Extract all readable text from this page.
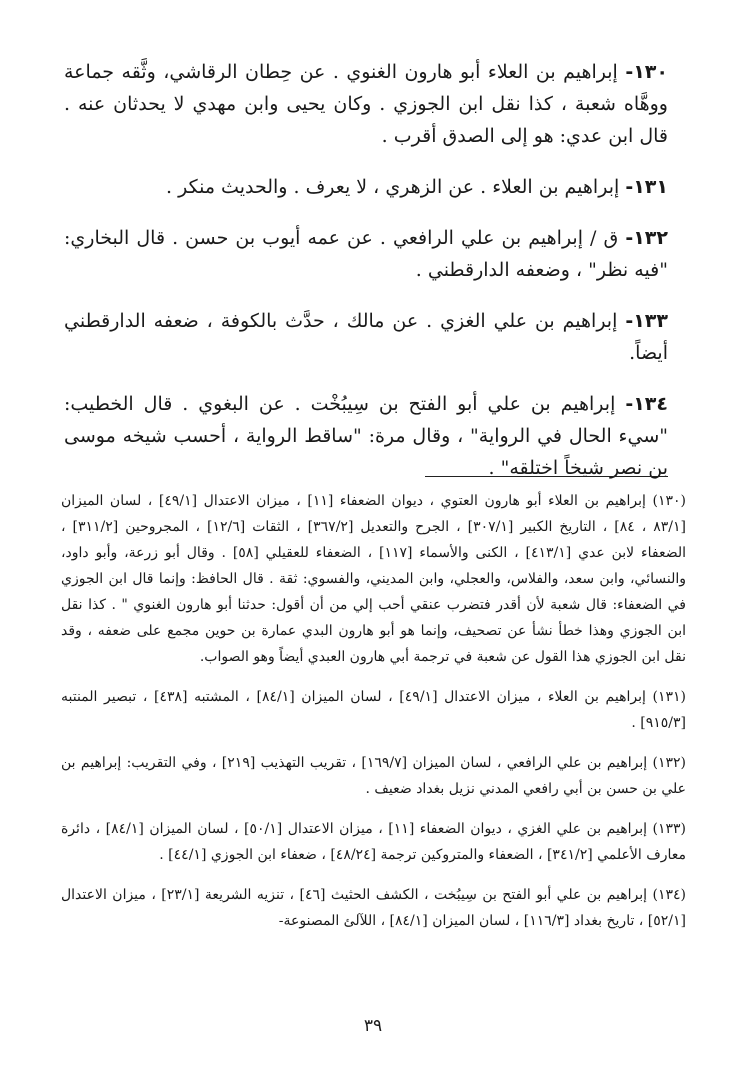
١٣٠- إبراهيم بن العلاء أبو هارون الغنوي . عن حِطان الرقاشي، وثَّقه جماعة ووهَّاه شعبة ، كذا نقل ابن الجوزي . وكان يحيى وابن مهدي لا يحدثان عنه . قال ابن عدي: هو إلى الصدق أقرب .

١٣١- إبراهيم بن العلاء . عن الزهري ، لا يعرف . والحديث منكر .

١٣٢- ق / إبراهيم بن علي الرافعي . عن عمه أيوب بن حسن . قال البخاري: "فيه نظر" ، وضعفه الدارقطني .

١٣٣- إبراهيم بن علي الغزي . عن مالك ، حدَّث بالكوفة ، ضعفه الدارقطني أيضاً.

١٣٤- إبراهيم بن علي أبو الفتح بن سِيبُخْت . عن البغوي . قال الخطيب: "سيء الحال في الرواية" ، وقال مرة: "ساقط الرواية ، أحسب شيخه موسى بن نصر شيخاً اختلقه" .

(١٣٠) إبراهيم بن العلاء أبو هارون العتوي ، ديوان الضعفاء [١١] ، ميزان الاعتدال [٤٩/١] ، لسان الميزان [٨٣/١ ، ٨٤] ، التاريخ الكبير [٣٠٧/١] ، الجرح والتعديل [٣٦٧/٢] ، الثقات [١٢/٦] ، المجروحين [٣١١/٢] ، الضعفاء لابن عدي [٤١٣/١] ، الكنى والأسماء [١١٧] ، الضعفاء للعقيلي [٥٨] . وقال أبو زرعة، وأبو داود، والنسائي، وابن سعد، والفلاس، والعجلي، وابن المديني، والفسوي: ثقة . قال الحافظ: وإنما قال ابن الجوزي في الضعفاء: قال شعبة لأن أقدر فتضرب عنقي أحب إلي من أن أقول: حدثنا أبو هارون الغنوي " . كذا نقل ابن الجوزي وهذا خطأ نشأ عن تصحيف، وإنما هو أبو هارون البدي عمارة بن حوين مجمع على ضعفه ، وقد نقل ابن الجوزي هذا القول عن شعبة في ترجمة أبي هارون العبدي أيضاً وهو الصواب.

(١٣١) إبراهيم بن العلاء ، ميزان الاعتدال [٤٩/١] ، لسان الميزان [٨٤/١] ، المشتبه [٤٣٨] ، تبصير المنتبه [٩١٥/٣] .

(١٣٢) إبراهيم بن علي الرافعي ، لسان الميزان [١٦٩/٧] ، تقريب التهذيب [٢١٩] ، وفي التقريب: إبراهيم بن علي بن حسن بن أبي رافعي المدني نزيل بغداد ضعيف .

(١٣٣) إبراهيم بن علي الغزي ، ديوان الضعفاء [١١] ، ميزان الاعتدال [٥٠/١] ، لسان الميزان [٨٤/١] ، دائرة معارف الأعلمي [٣٤١/٢] ، الضعفاء والمتروكين ترجمة [٤٨/٢٤] ، ضعفاء ابن الجوزي [٤٤/١] .

(١٣٤) إبراهيم بن علي أبو الفتح بن سِيبُخت ، الكشف الحثيث [٤٦] ، تنزيه الشريعة [٢٣/١] ، ميزان الاعتدال [٥٢/١] ، تاريخ بغداد [١١٦/٣] ، لسان الميزان [٨٤/١] ، اللآلئ المصنوعة-

٣٩
